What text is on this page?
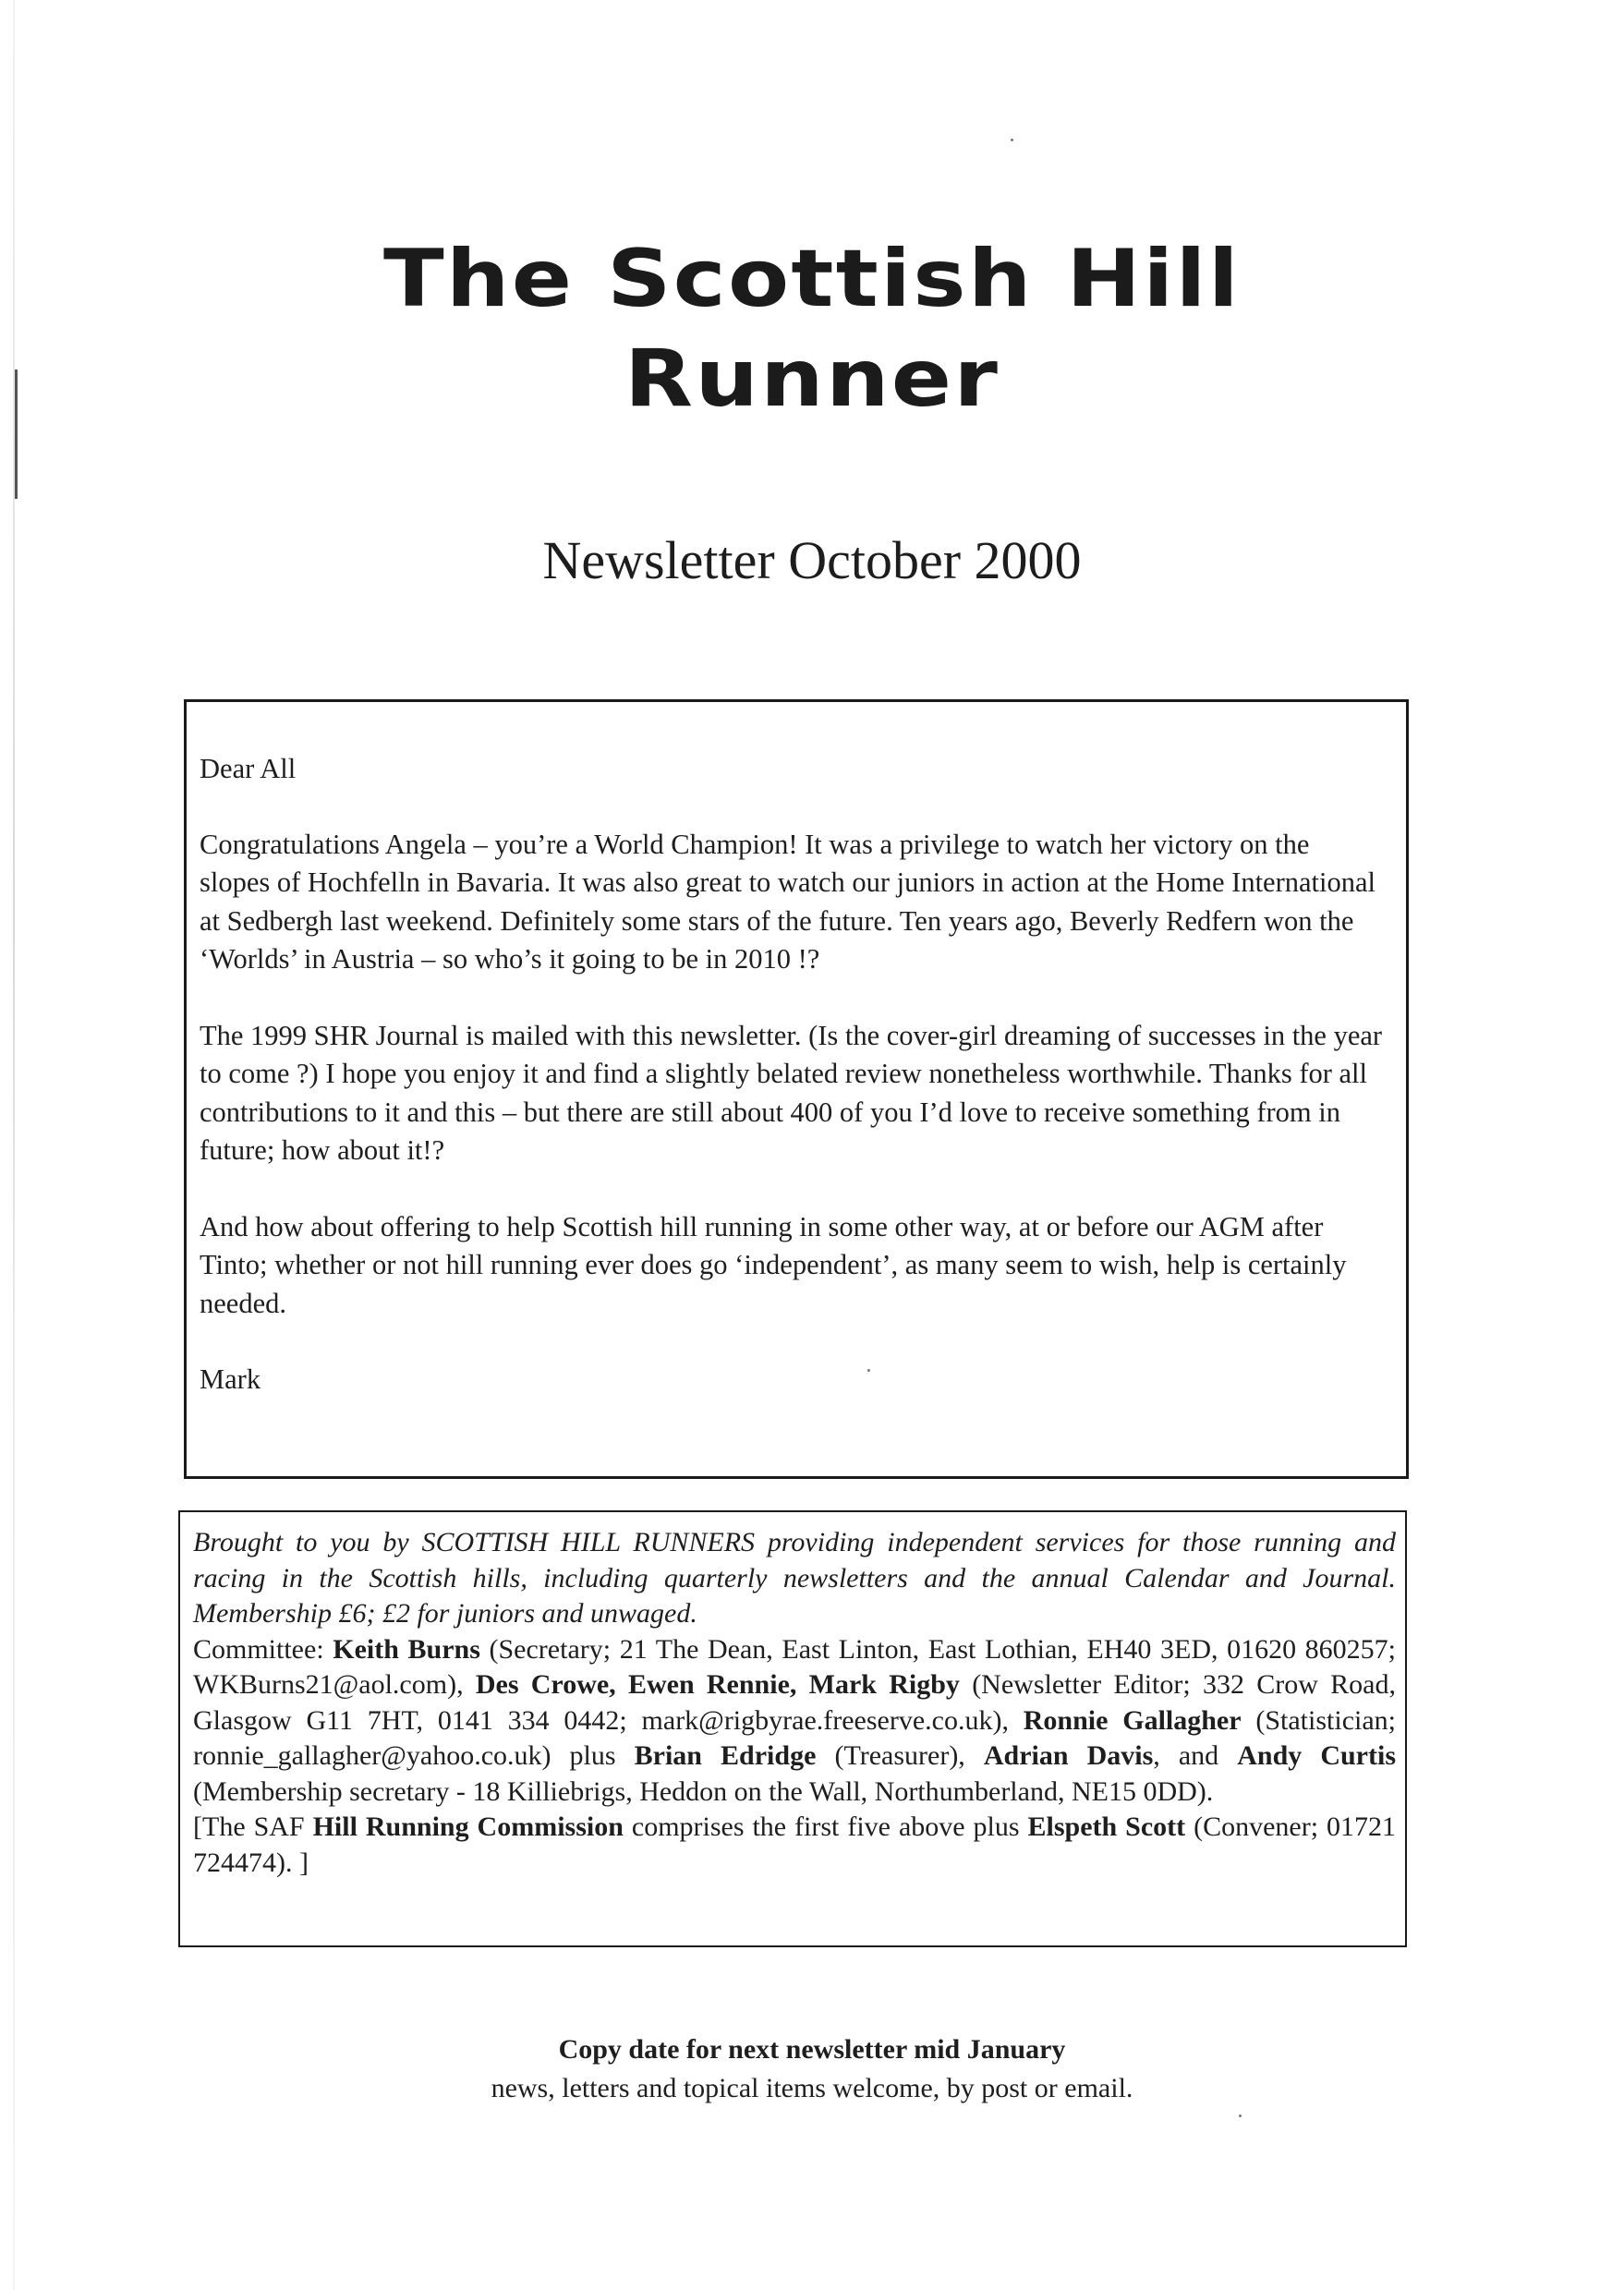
The Scottish Hill
Runner
Newsletter October 2000

Dear All

Congratulations Angela – you’re a World Champion! It was a privilege to watch her victory on the slopes of Hochfelln in Bavaria. It was also great to watch our juniors in action at the Home International at Sedbergh last weekend. Definitely some stars of the future. Ten years ago, Beverly Redfern won the ‘Worlds’ in Austria – so who’s it going to be in 2010 !?

The 1999 SHR Journal is mailed with this newsletter. (Is the cover-girl dreaming of successes in the year to come ?) I hope you enjoy it and find a slightly belated review nonetheless worthwhile. Thanks for all contributions to it and this – but there are still about 400 of you I’d love to receive something from in future; how about it!?

And how about offering to help Scottish hill running in some other way, at or before our AGM after Tinto; whether or not hill running ever does go ‘independent’, as many seem to wish, help is certainly needed.

Mark

Brought to you by SCOTTISH HILL RUNNERS providing independent services for those running and racing in the Scottish hills, including quarterly newsletters and the annual Calendar and Journal. Membership £6; £2 for juniors and unwaged.

Committee: Keith Burns (Secretary; 21 The Dean, East Linton, East Lothian, EH40 3ED, 01620 860257; WKBurns21@aol.com), Des Crowe, Ewen Rennie, Mark Rigby (Newsletter Editor; 332 Crow Road, Glasgow G11 7HT, 0141 334 0442; mark@rigbyrae.freeserve.co.uk), Ronnie Gallagher (Statistician; ronnie_gallagher@yahoo.co.uk) plus Brian Edridge (Treasurer), Adrian Davis, and Andy Curtis (Membership secretary - 18 Killiebrigs, Heddon on the Wall, Northumberland, NE15 0DD).

[The SAF Hill Running Commission comprises the first five above plus Elspeth Scott (Convener; 01721 724474). ]

Copy date for next newsletter mid January
news, letters and topical items welcome, by post or email.
